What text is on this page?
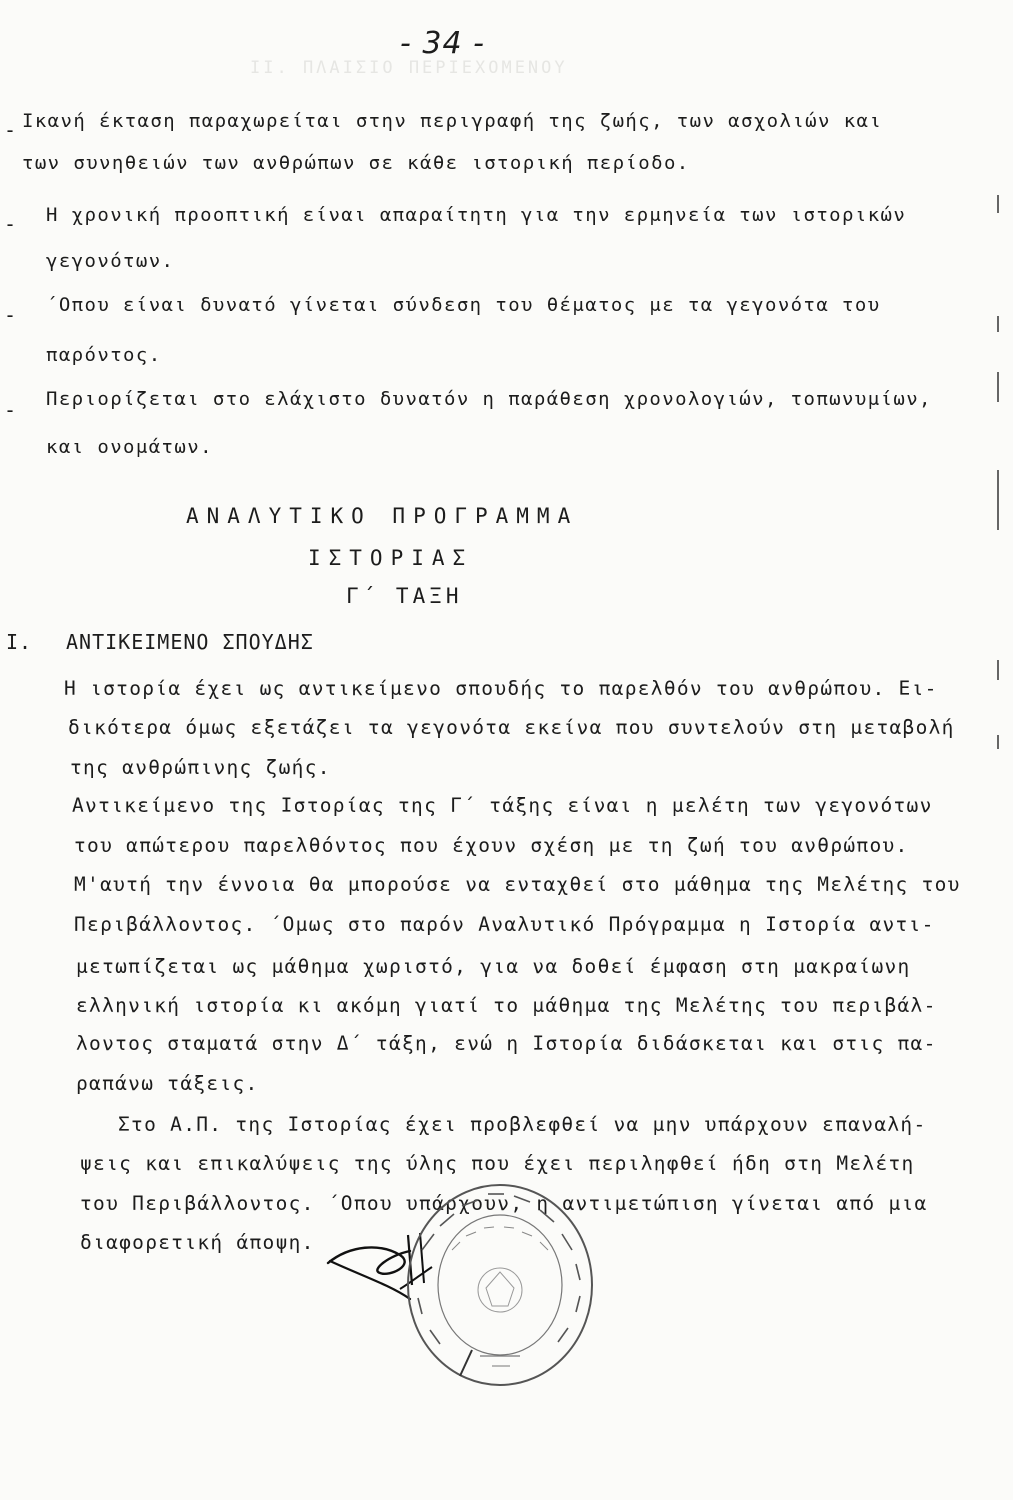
ΙΙ. ΠΛΑΙΣΙΟ ΠΕΡΙΕΧΟΜΕΝΟΥ
- 34 -
- Ικανή έκταση παραχωρείται στην περιγραφή της ζωής, των ασχολιών και
των συνηθειών των ανθρώπων σε κάθε ιστορική περίοδο.
- Η χρονική προοπτική είναι απαραίτητη για την ερμηνεία των ιστορικών
γεγονότων.
- ΄Οπου είναι δυνατό γίνεται σύνδεση του θέματος με τα γεγονότα του
παρόντος.
- Περιορίζεται στο ελάχιστο δυνατόν η παράθεση χρονολογιών, τοπωνυμίων,
και ονομάτων.
ΑΝΑΛΥΤΙΚΟ ΠΡΟΓΡΑΜΜΑ
ΙΣΤΟΡΙΑΣ
Γ΄ ΤΑΞΗ
I. ΑΝΤΙΚΕΙΜΕΝΟ ΣΠΟΥΔΗΣ
Η ιστορία έχει ως αντικείμενο σπουδής το παρελθόν του ανθρώπου. Ει-
δικότερα όμως εξετάζει τα γεγονότα εκείνα που συντελούν στη μεταβολή
της ανθρώπινης ζωής.
Αντικείμενο της Ιστορίας της Γ΄ τάξης είναι η μελέτη των γεγονότων
του απώτερου παρελθόντος που έχουν σχέση με τη ζωή του ανθρώπου.
Μ'αυτή την έννοια θα μπορούσε να ενταχθεί στο μάθημα της Μελέτης του
Περιβάλλοντος. ΄Ομως στο παρόν Αναλυτικό Πρόγραμμα η Ιστορία αντι-
μετωπίζεται ως μάθημα χωριστό, για να δοθεί έμφαση στη μακραίωνη
ελληνική ιστορία κι ακόμη γιατί το μάθημα της Μελέτης του περιβάλ-
λοντος σταματά στην Δ΄ τάξη, ενώ η Ιστορία διδάσκεται και στις πα-
ραπάνω τάξεις.
Στο Α.Π. της Ιστορίας έχει προβλεφθεί να μην υπάρχουν επαναλή-
ψεις και επικαλύψεις της ύλης που έχει περιληφθεί ήδη στη Μελέτη
του Περιβάλλοντος. ΄Οπου υπάρχουν, η αντιμετώπιση γίνεται από μια
διαφορετική άποψη.
